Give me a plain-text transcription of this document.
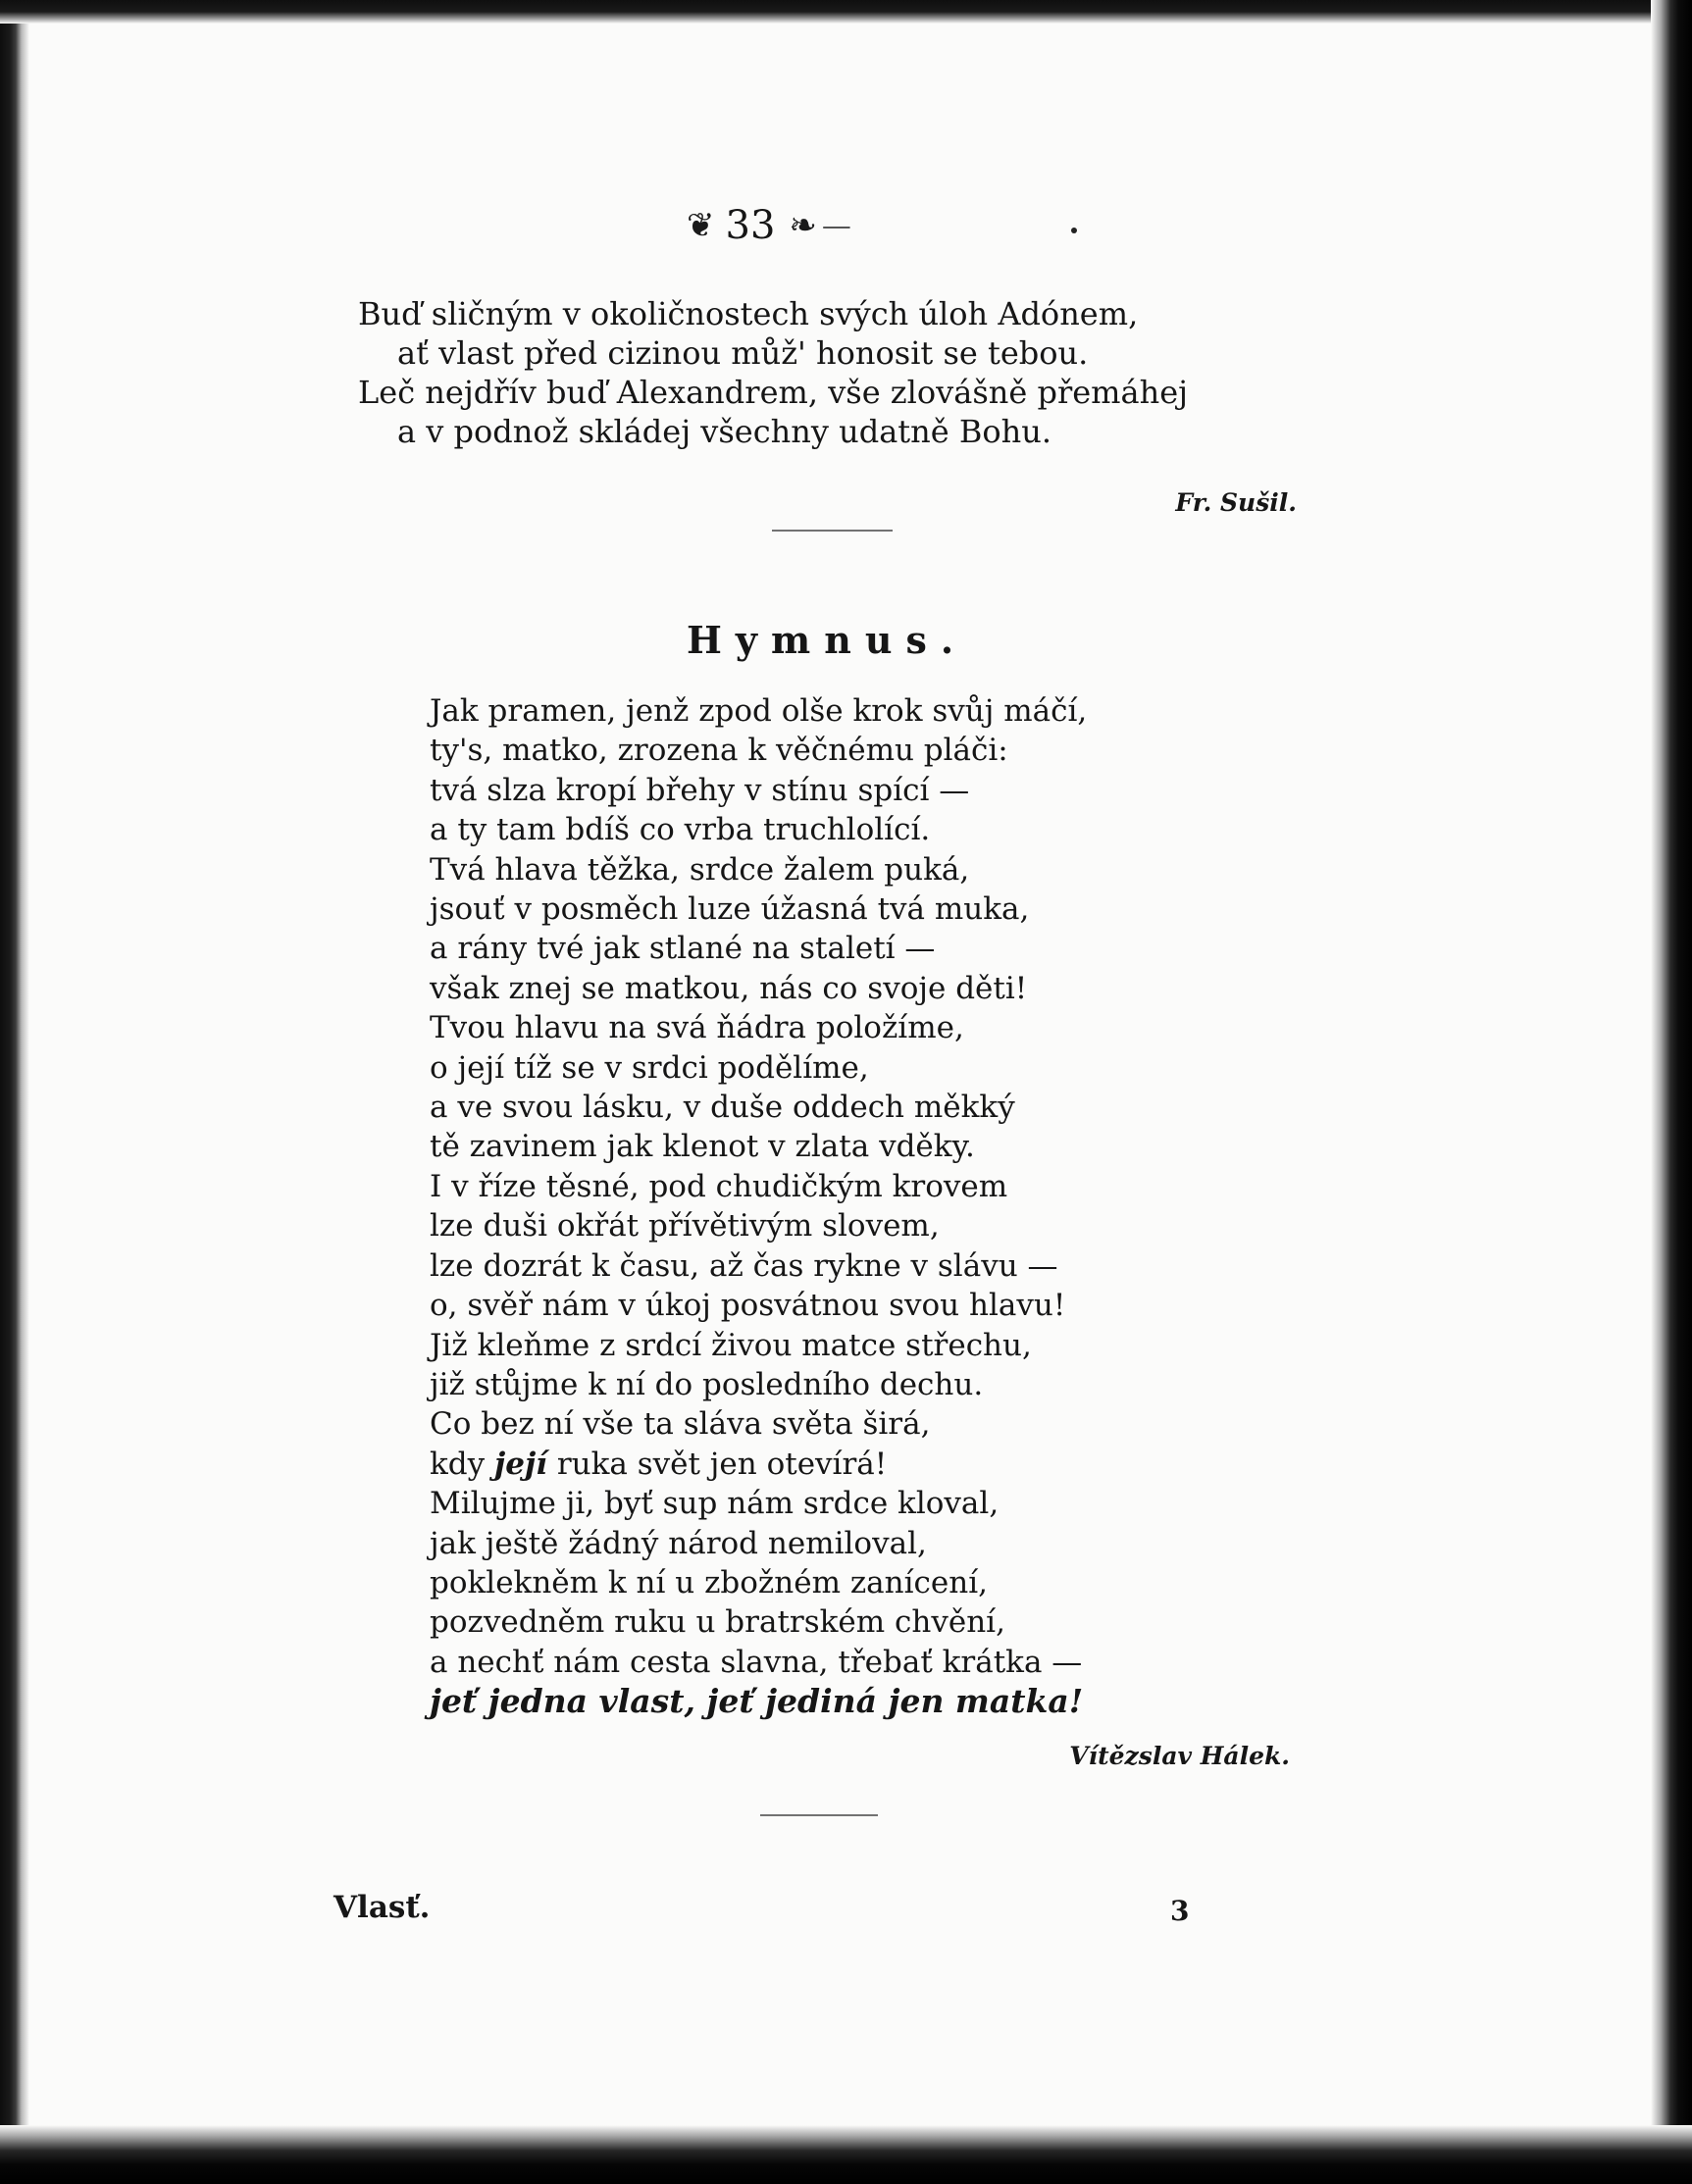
❦ 33 ❧ —
Buď sličným v okoličnostech svých úloh Adónem,
ať vlast před cizinou můž' honosit se tebou.
Leč nejdřív buď Alexandrem, vše zlovášně přemáhej
a v podnož skládej všechny udatně Bohu.
Fr. Sušil.
Hymnus.
Jak pramen, jenž zpod olše krok svůj máčí,
ty's, matko, zrozena k věčnému pláči:
tvá slza kropí břehy v stínu spící —
a ty tam bdíš co vrba truchlolící.
Tvá hlava těžka, srdce žalem puká,
jsouť v posměch luze úžasná tvá muka,
a rány tvé jak stlané na staletí —
však znej se matkou, nás co svoje děti!
Tvou hlavu na svá ňádra položíme,
o její tíž se v srdci podělíme,
a ve svou lásku, v duše oddech měkký
tě zavinem jak klenot v zlata vděky.
I v říze těsné, pod chudičkým krovem
lze duši okřát přívětivým slovem,
lze dozrát k času, až čas rykne v slávu —
o, svěř nám v úkoj posvátnou svou hlavu!
Již kleňme z srdcí živou matce střechu,
již stůjme k ní do posledního dechu.
Co bez ní vše ta sláva světa širá,
kdy její ruka svět jen otevírá!
Milujme ji, byť sup nám srdce kloval,
jak ještě žádný národ nemiloval,
poklekněm k ní u zbožném zanícení,
pozvedněm ruku u bratrském chvění,
a nechť nám cesta slavna, třebať krátka —
jeť jedna vlast, jeť jediná jen matka!
Vítězslav Hálek.
Vlasť.	3
